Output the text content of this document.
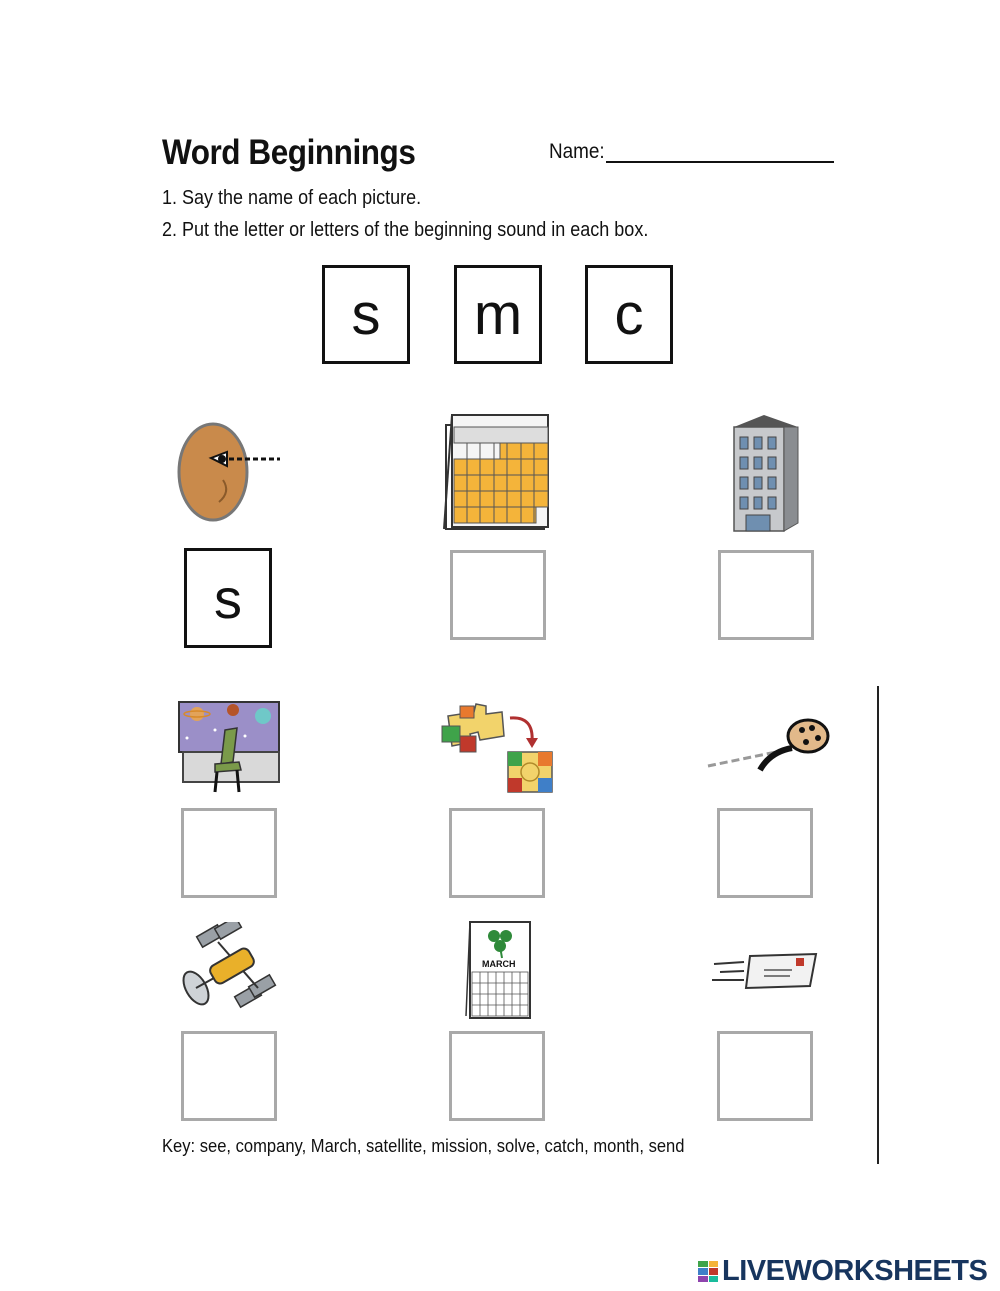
Word Beginnings	Name:
1. Say the name of each picture.
2. Put the letter or letters of the beginning sound in each box.
s	m	c
s
MARCH
Key: see, company, March, satellite, mission, solve, catch, month, send
LIVEWORKSHEETS
